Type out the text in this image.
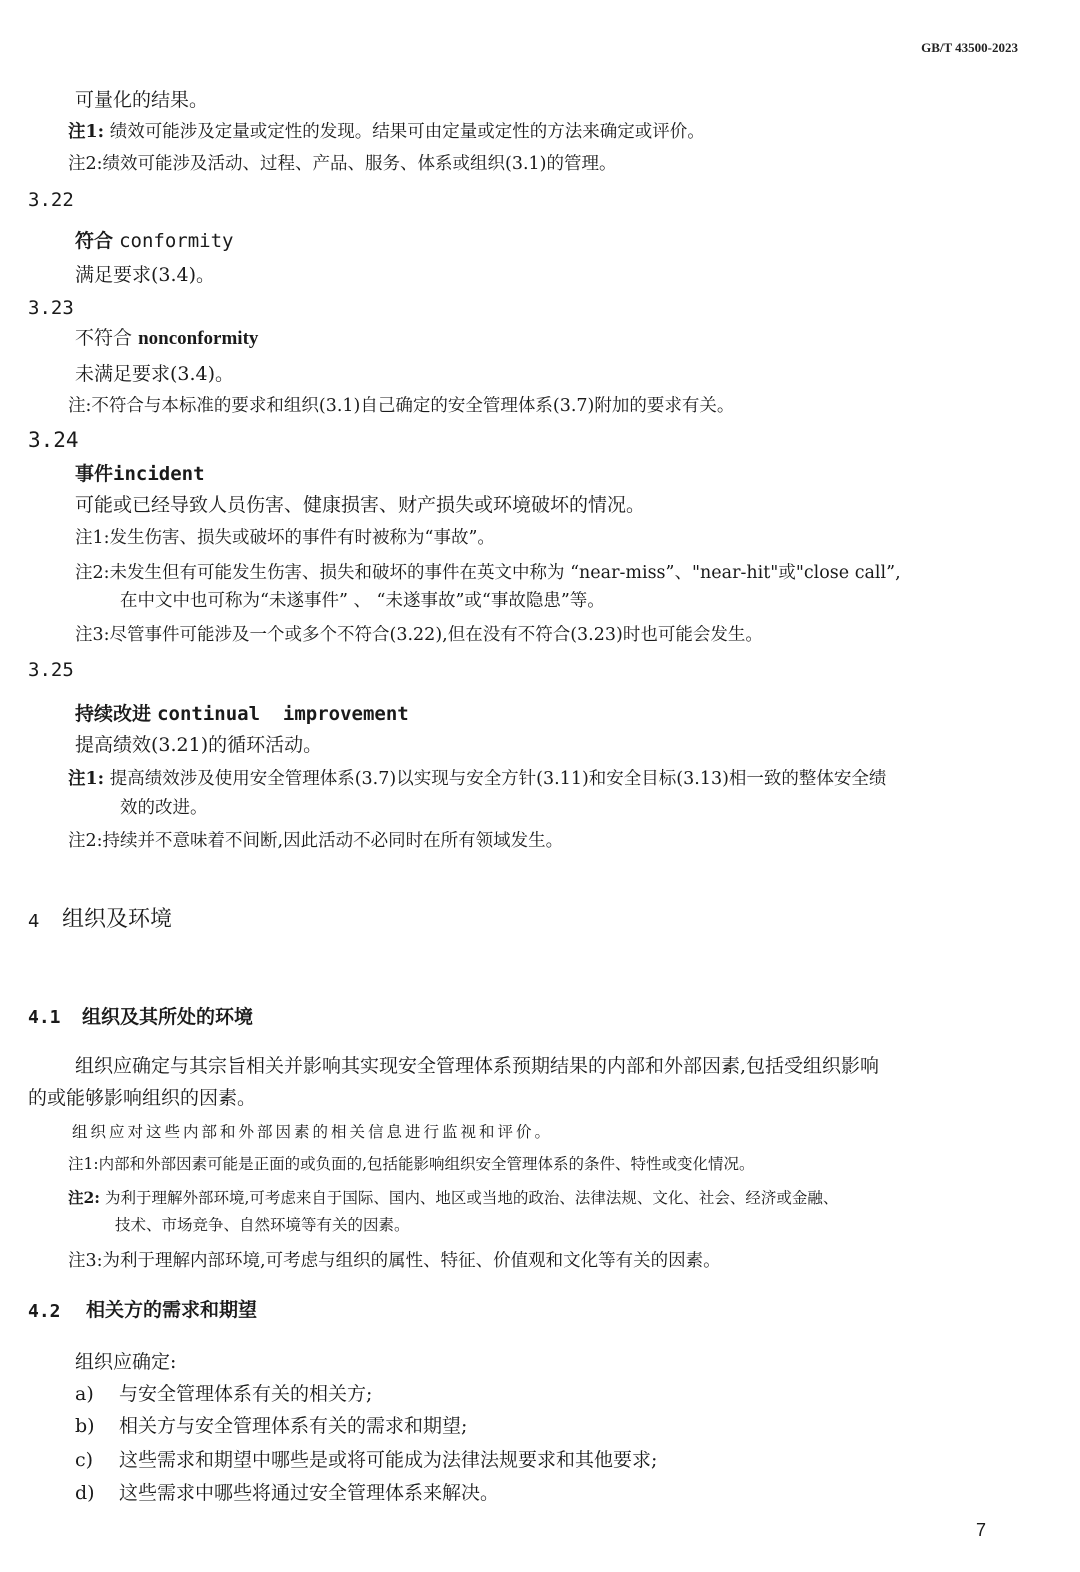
GB/T 43500-2023
可量化的结果。
注1: 绩效可能涉及定量或定性的发现。结果可由定量或定性的方法来确定或评价。
注2:绩效可能涉及活动、过程、产品、服务、体系或组织(3.1)的管理。
3.22
符合 conformity
满足要求(3.4)。
3.23
不符合 nonconformity
未满足要求(3.4)。
注:不符合与本标准的要求和组织(3.1)自己确定的安全管理体系(3.7)附加的要求有关。
3.24
事件incident
可能或已经导致人员伤害、健康损害、财产损失或环境破坏的情况。
注1:发生伤害、损失或破坏的事件有时被称为“事故”。
注2:未发生但有可能发生伤害、损失和破坏的事件在英文中称为 “near-miss”、"near-hit"或"close call”,
在中文中也可称为“未遂事件” 、 “未遂事故”或“事故隐患”等。
注3:尽管事件可能涉及一个或多个不符合(3.22),但在没有不符合(3.23)时也可能会发生。
3.25
持续改进 continual  improvement
提高绩效(3.21)的循环活动。
注1: 提高绩效涉及使用安全管理体系(3.7)以实现与安全方针(3.11)和安全目标(3.13)相一致的整体安全绩
效的改进。
注2:持续并不意味着不间断,因此活动不必同时在所有领域发生。
4 组织及环境
4.1 组织及其所处的环境
组织应确定与其宗旨相关并影响其实现安全管理体系预期结果的内部和外部因素,包括受组织影响
的或能够影响组织的因素。
组织应对这些内部和外部因素的相关信息进行监视和评价。
注1:内部和外部因素可能是正面的或负面的,包括能影响组织安全管理体系的条件、特性或变化情况。
注2: 为利于理解外部环境,可考虑来自于国际、国内、地区或当地的政治、法律法规、文化、社会、经济或金融、
技术、市场竞争、自然环境等有关的因素。
注3:为利于理解内部环境,可考虑与组织的属性、特征、价值观和文化等有关的因素。
4.2 相关方的需求和期望
组织应确定:
a) 与安全管理体系有关的相关方;
b) 相关方与安全管理体系有关的需求和期望;
c) 这些需求和期望中哪些是或将可能成为法律法规要求和其他要求;
d) 这些需求中哪些将通过安全管理体系来解决。
7
